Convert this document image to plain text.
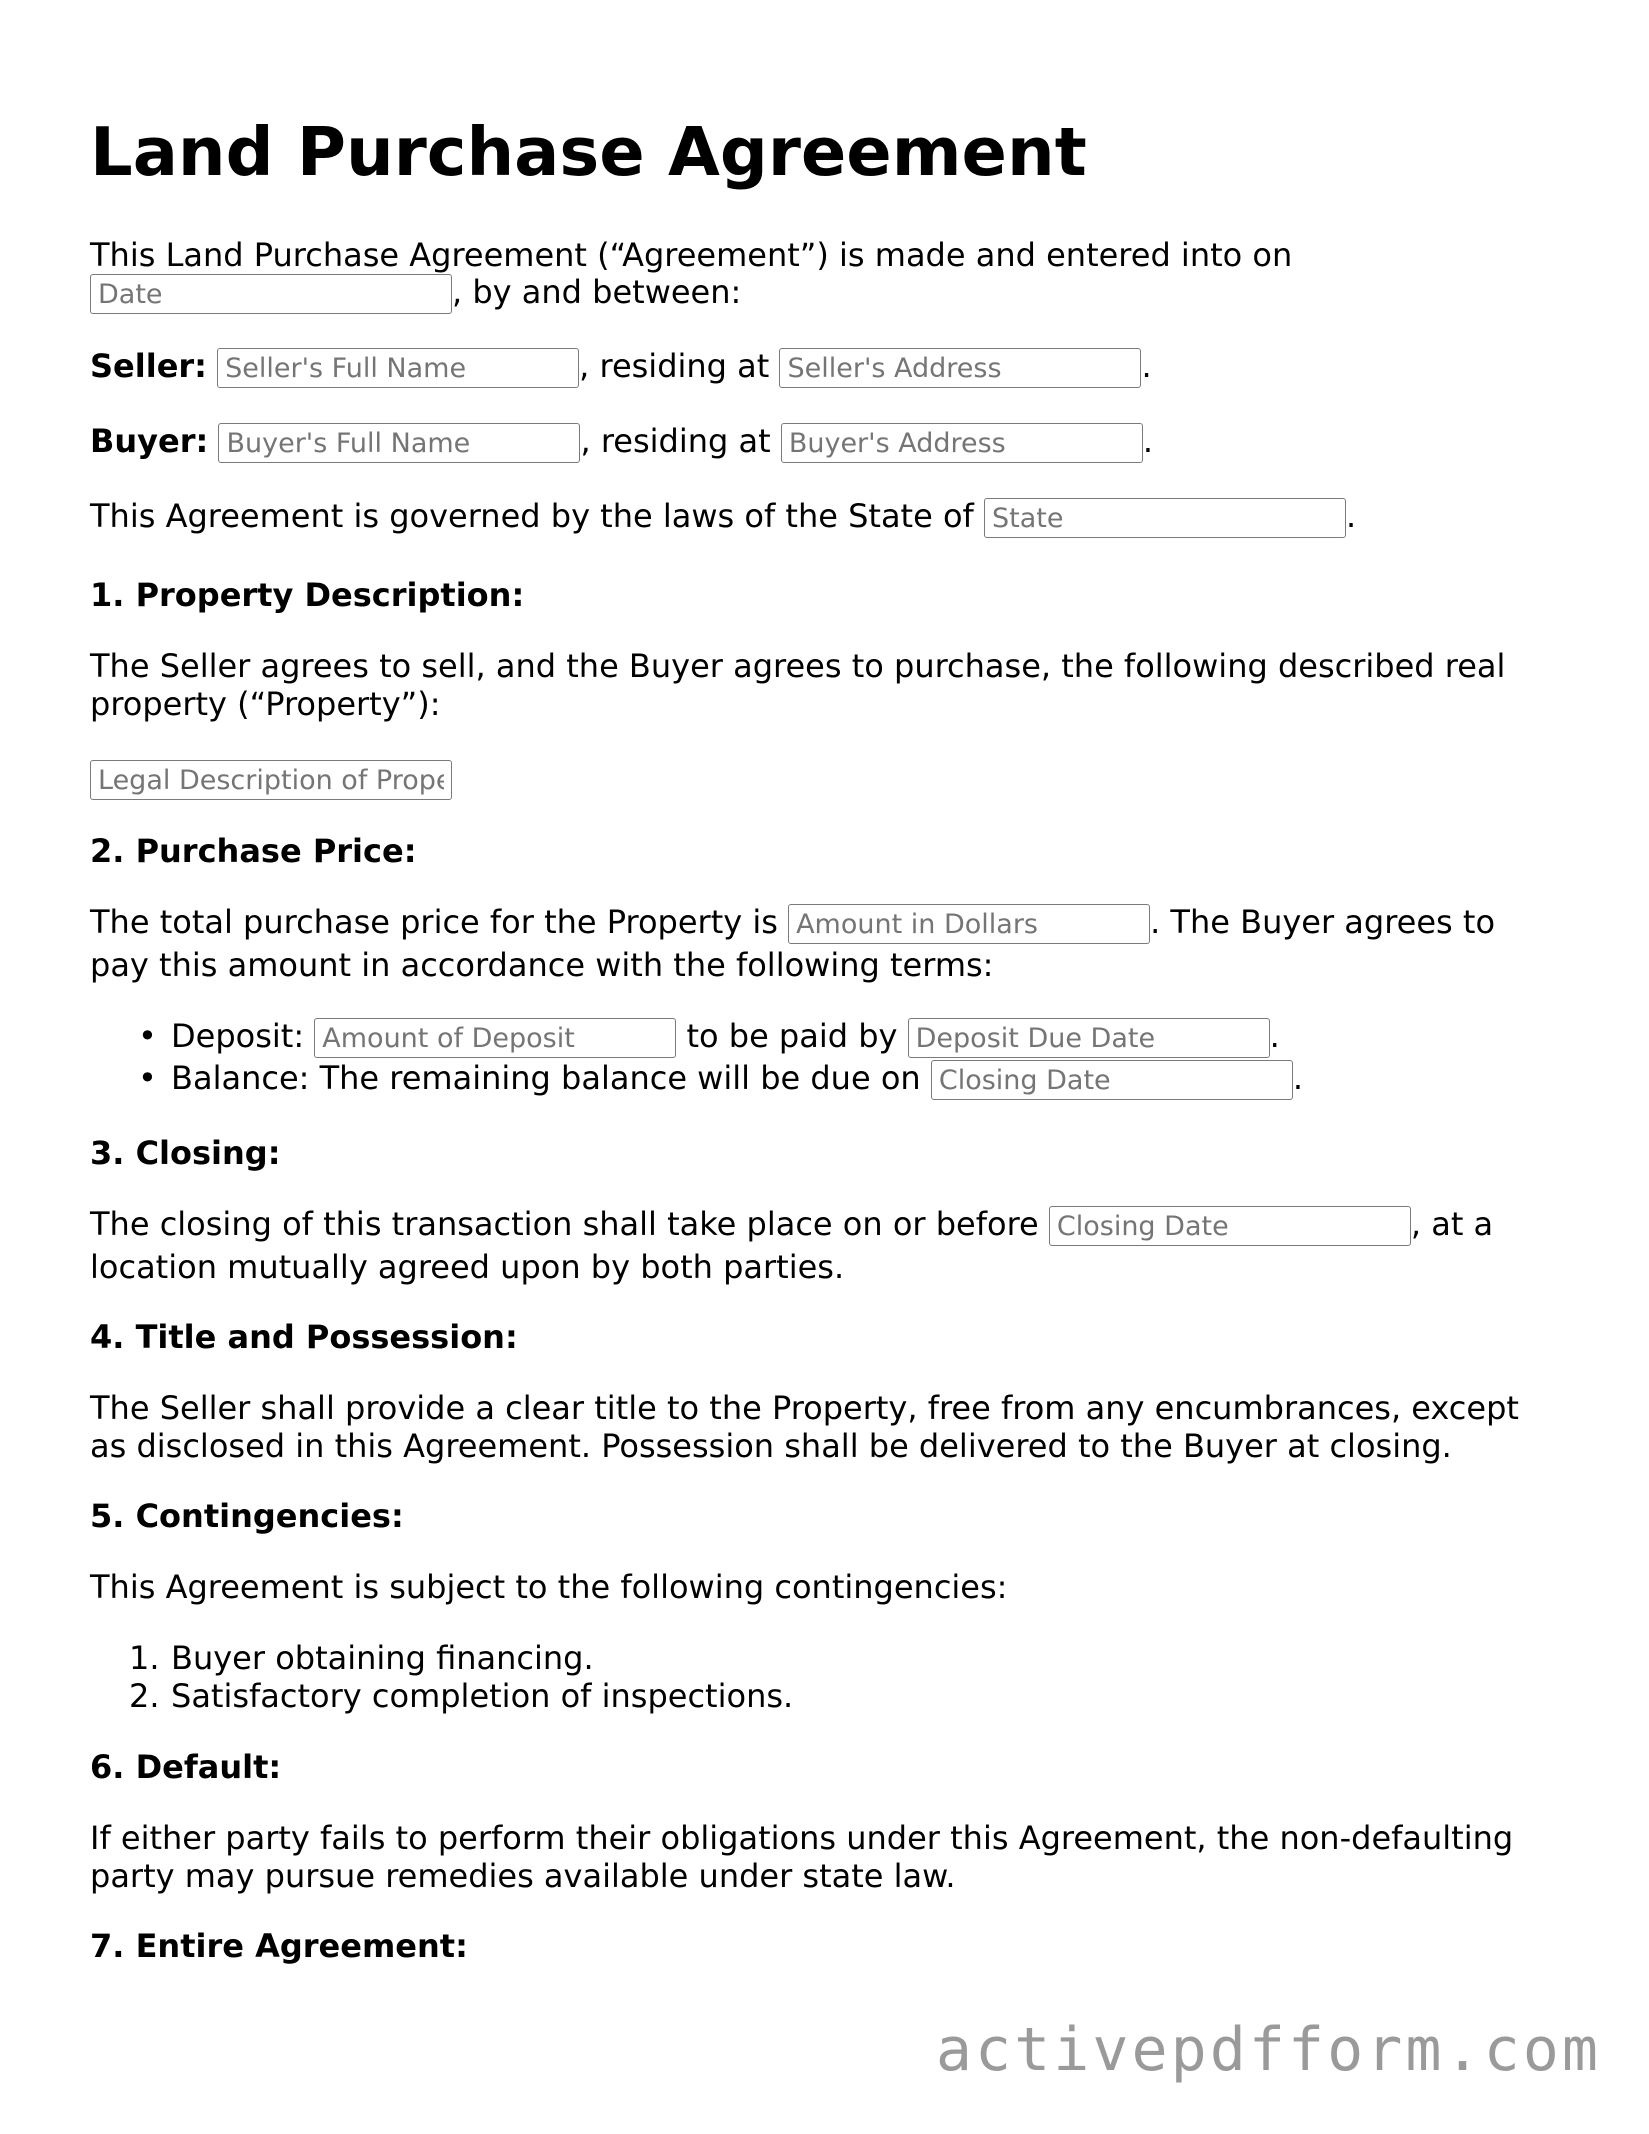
Land Purchase Agreement
This Land Purchase Agreement (“Agreement”) is made and entered into on
Date, by and between:
Seller: Seller's Full Name	, residing at Seller's Address	.
Buyer: Buyer's Full Name	, residing at Buyer's Address	.
This Agreement is governed by the laws of the State of State	.
1. Property Description:
The Seller agrees to sell, and the Buyer agrees to purchase, the following described real property (“Property”):
Legal Description of Property
2. Purchase Price:
The total purchase price for the Property is Amount in Dollars	. The Buyer agrees to
pay this amount in accordance with the following terms:
• Deposit: Amount of Deposit	to be paid by Deposit Due Date	.
• Balance: The remaining balance will be due on Closing Date	.
3. Closing:
The closing of this transaction shall take place on or before Closing Date	, at a
location mutually agreed upon by both parties.
4. Title and Possession:
The Seller shall provide a clear title to the Property, free from any encumbrances, except as disclosed in this Agreement. Possession shall be delivered to the Buyer at closing.
5. Contingencies:
This Agreement is subject to the following contingencies:
1. Buyer obtaining financing.
2. Satisfactory completion of inspections.
6. Default:
If either party fails to perform their obligations under this Agreement, the non-defaulting party may pursue remedies available under state law.
7. Entire Agreement:
activepdfform.com
